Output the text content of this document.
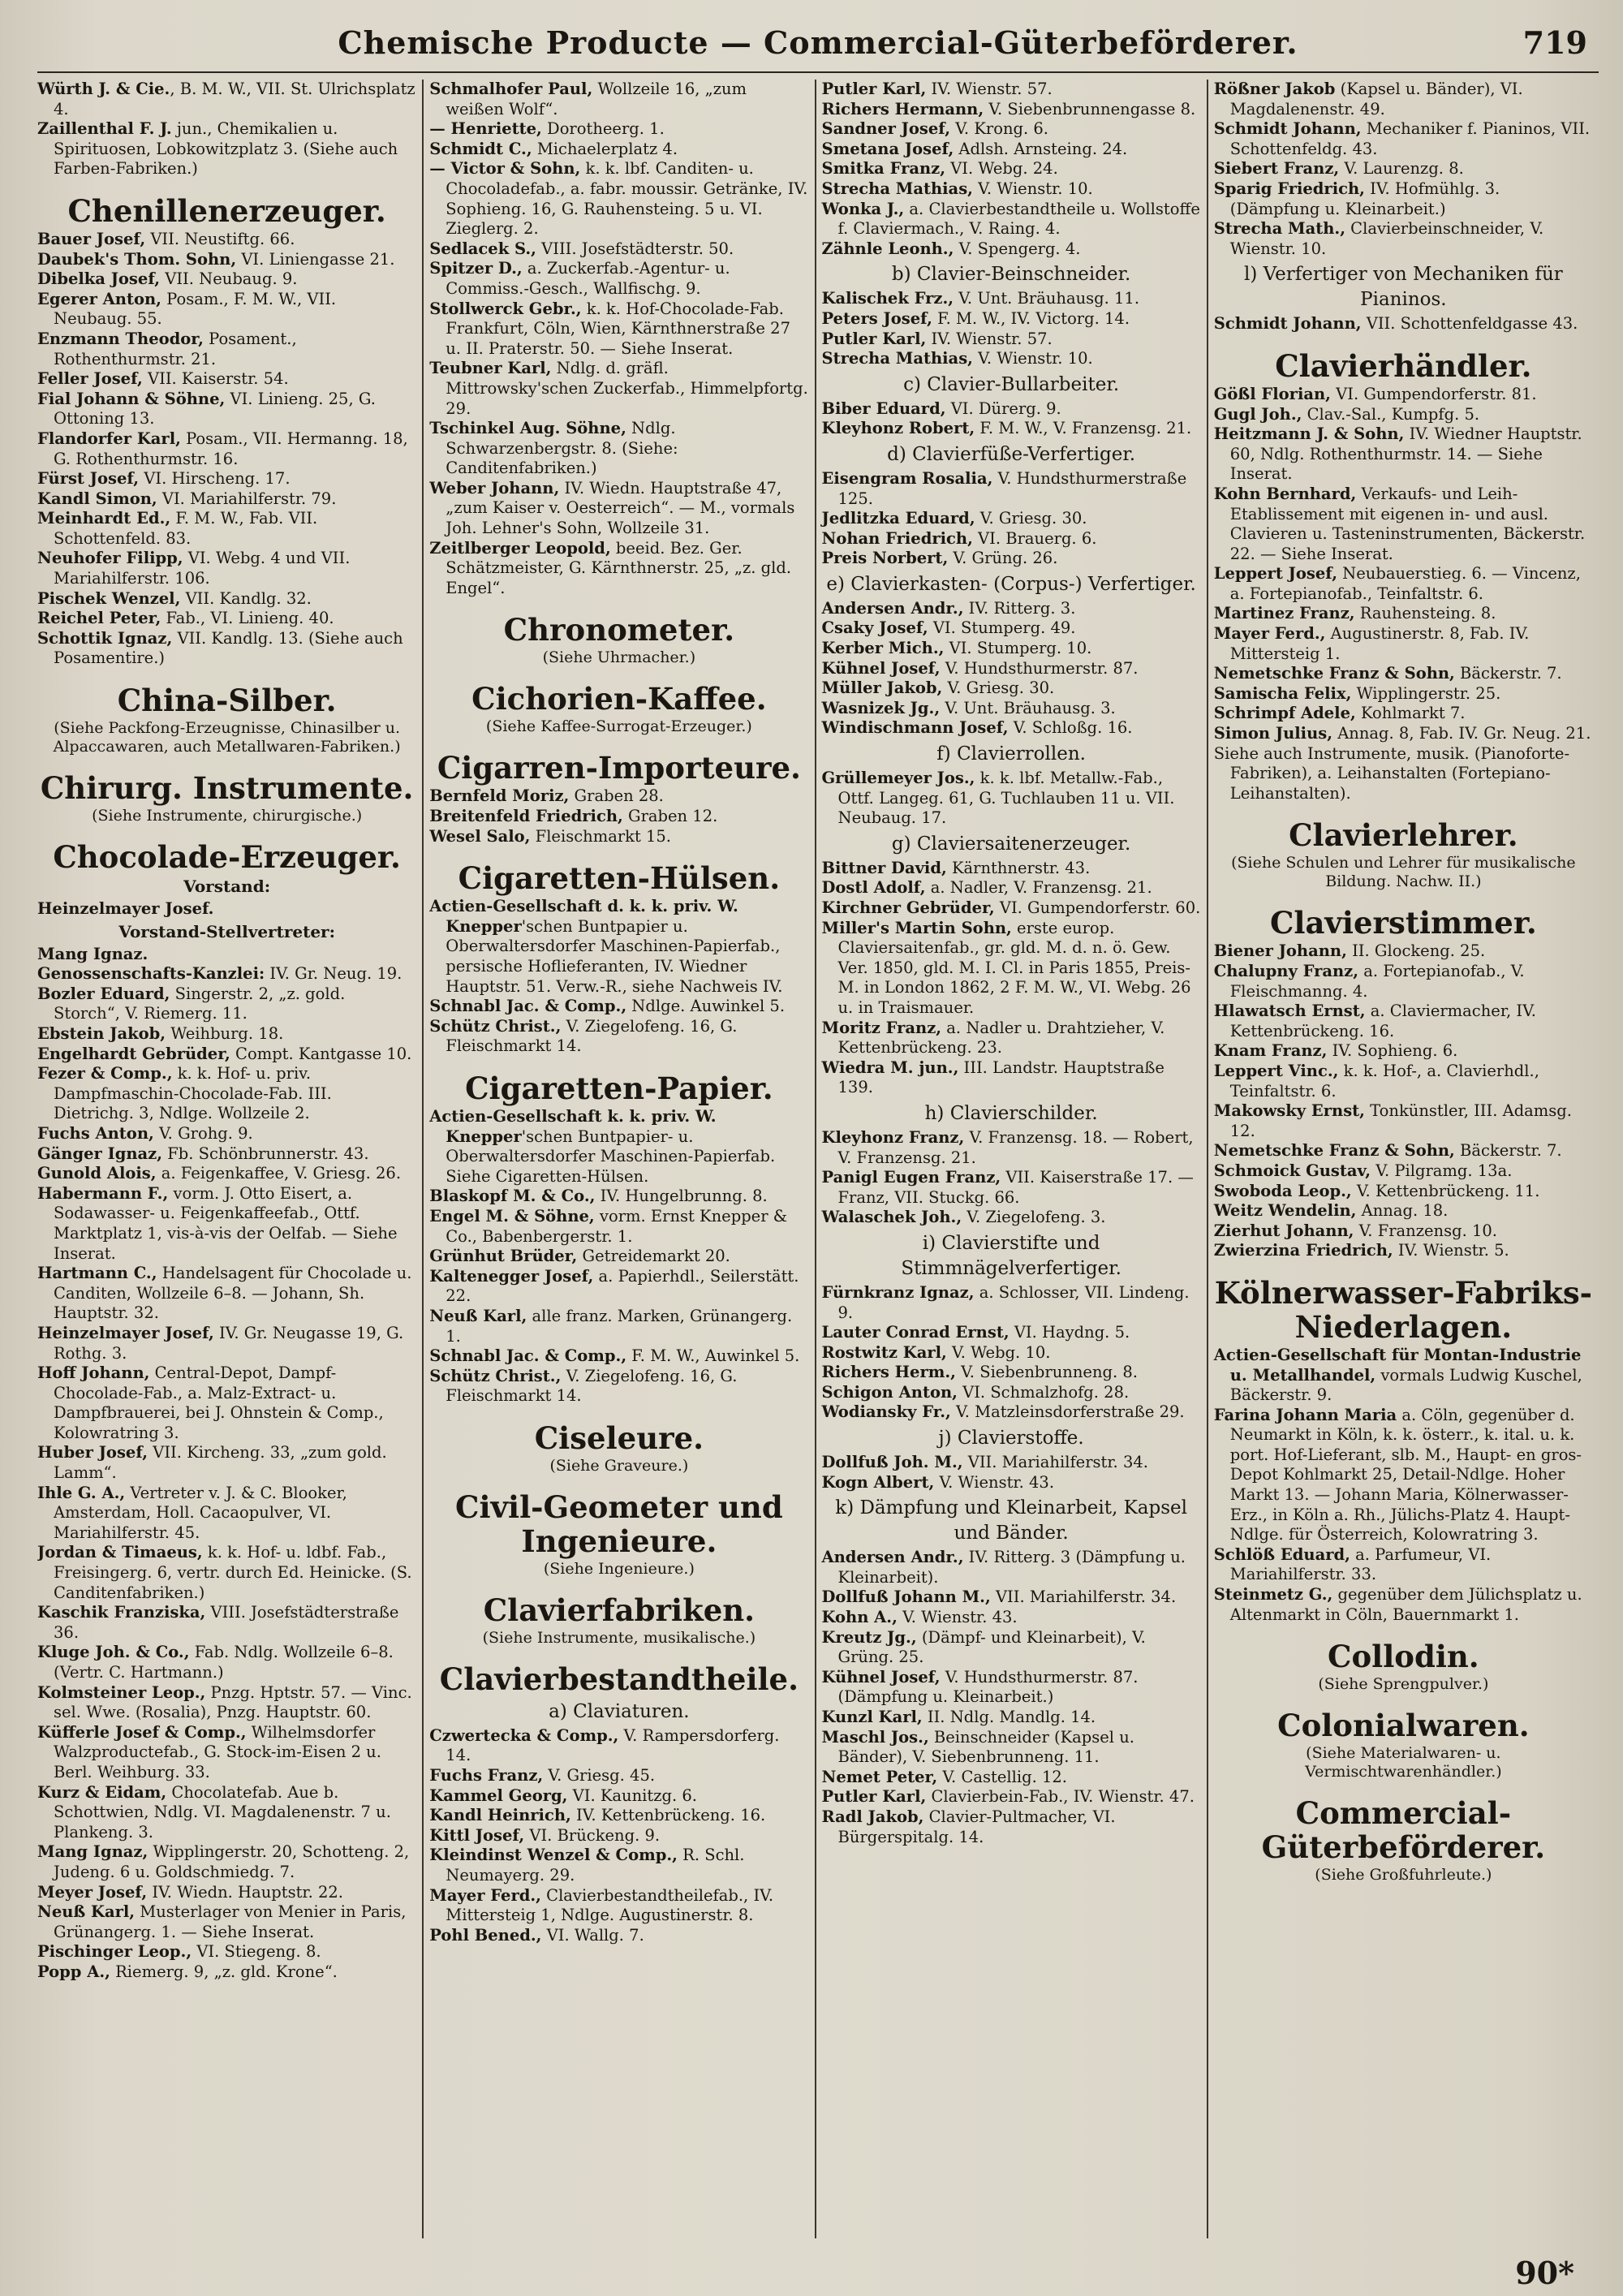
Chemische Producte — Commercial-Güterbeförderer.	719

Würth J. & Cie., B. M. W., VII. St. Ulrichsplatz 4.

Zaillenthal F. J. jun., Chemikalien u. Spirituosen, Lobkowitzplatz 3. (Siehe auch Farben-Fabriken.)

Chenillenerzeuger.

Bauer Josef, VII. Neustiftg. 66.

Daubek's Thom. Sohn, VI. Liniengasse 21.

Dibelka Josef, VII. Neubaug. 9.

Egerer Anton, Posam., F. M. W., VII. Neubaug. 55.

Enzmann Theodor, Posament., Rothenthurmstr. 21.

Feller Josef, VII. Kaiserstr. 54.

Fial Johann & Söhne, VI. Linieng. 25, G. Ottoning 13.

Flandorfer Karl, Posam., VII. Hermanng. 18, G. Rothenthurmstr. 16.

Fürst Josef, VI. Hirscheng. 17.

Kandl Simon, VI. Mariahilferstr. 79.

Meinhardt Ed., F. M. W., Fab. VII. Schottenfeld. 83.

Neuhofer Filipp, VI. Webg. 4 und VII. Mariahilferstr. 106.

Pischek Wenzel, VII. Kandlg. 32.

Reichel Peter, Fab., VI. Linieng. 40.

Schottik Ignaz, VII. Kandlg. 13. (Siehe auch Posamentire.)

China-Silber.

(Siehe Packfong-Erzeugnisse, Chinasilber u. Alpaccawaren, auch Metallwaren-Fabriken.)

Chirurg. Instrumente.

(Siehe Instrumente, chirurgische.)

Chocolade-Erzeuger.

Vorstand:

Heinzelmayer Josef.

Vorstand-Stellvertreter:

Mang Ignaz.

Genossenschafts-Kanzlei: IV. Gr. Neug. 19.

Bozler Eduard, Singerstr. 2, „z. gold. Storch“, V. Riemerg. 11.

Ebstein Jakob, Weihburg. 18.

Engelhardt Gebrüder, Compt. Kantgasse 10.

Fezer & Comp., k. k. Hof- u. priv. Dampfmaschin-Chocolade-Fab. III. Dietrichg. 3, Ndlge. Wollzeile 2.

Fuchs Anton, V. Grohg. 9.

Gänger Ignaz, Fb. Schönbrunnerstr. 43.

Gunold Alois, a. Feigenkaffee, V. Griesg. 26.

Habermann F., vorm. J. Otto Eisert, a. Sodawasser- u. Feigenkaffeefab., Ottf. Marktplatz 1, vis-à-vis der Oelfab. — Siehe Inserat.

Hartmann C., Handelsagent für Chocolade u. Canditen, Wollzeile 6–8. — Johann, Sh. Hauptstr. 32.

Heinzelmayer Josef, IV. Gr. Neugasse 19, G. Rothg. 3.

Hoff Johann, Central-Depot, Dampf-Chocolade-Fab., a. Malz-Extract- u. Dampfbrauerei, bei J. Ohnstein & Comp., Kolowratring 3.

Huber Josef, VII. Kircheng. 33, „zum gold. Lamm“.

Ihle G. A., Vertreter v. J. & C. Blooker, Amsterdam, Holl. Cacaopulver, VI. Mariahilferstr. 45.

Jordan & Timaeus, k. k. Hof- u. ldbf. Fab., Freisingerg. 6, vertr. durch Ed. Heinicke. (S. Canditenfabriken.)

Kaschik Franziska, VIII. Josefstädterstraße 36.

Kluge Joh. & Co., Fab. Ndlg. Wollzeile 6–8. (Vertr. C. Hartmann.)

Kolmsteiner Leop., Pnzg. Hptstr. 57. — Vinc. sel. Wwe. (Rosalia), Pnzg. Hauptstr. 60.

Küfferle Josef & Comp., Wilhelmsdorfer Walzproductefab., G. Stock-im-Eisen 2 u. Berl. Weihburg. 33.

Kurz & Eidam, Chocolatefab. Aue b. Schottwien, Ndlg. VI. Magdalenenstr. 7 u. Plankeng. 3.

Mang Ignaz, Wipplingerstr. 20, Schotteng. 2, Judeng. 6 u. Goldschmiedg. 7.

Meyer Josef, IV. Wiedn. Hauptstr. 22.

Neuß Karl, Musterlager von Menier in Paris, Grünangerg. 1. — Siehe Inserat.

Pischinger Leop., VI. Stiegeng. 8.

Popp A., Riemerg. 9, „z. gld. Krone“.

Schmalhofer Paul, Wollzeile 16, „zum weißen Wolf“.

— Henriette, Dorotheerg. 1.

Schmidt C., Michaelerplatz 4.

— Victor & Sohn, k. k. lbf. Canditen- u. Chocoladefab., a. fabr. moussir. Getränke, IV. Sophieng. 16, G. Rauhensteing. 5 u. VI. Zieglerg. 2.

Sedlacek S., VIII. Josefstädterstr. 50.

Spitzer D., a. Zuckerfab.-Agentur- u. Commiss.-Gesch., Wallfischg. 9.

Stollwerck Gebr., k. k. Hof-Chocolade-Fab. Frankfurt, Cöln, Wien, Kärnthnerstraße 27 u. II. Praterstr. 50. — Siehe Inserat.

Teubner Karl, Ndlg. d. gräfl. Mittrowsky'schen Zuckerfab., Himmelpfortg. 29.

Tschinkel Aug. Söhne, Ndlg. Schwarzenbergstr. 8. (Siehe: Canditenfabriken.)

Weber Johann, IV. Wiedn. Hauptstraße 47, „zum Kaiser v. Oesterreich“. — M., vormals Joh. Lehner's Sohn, Wollzeile 31.

Zeitlberger Leopold, beeid. Bez. Ger. Schätzmeister, G. Kärnthnerstr. 25, „z. gld. Engel“.

Chronometer.

(Siehe Uhrmacher.)

Cichorien-Kaffee.

(Siehe Kaffee-Surrogat-Erzeuger.)

Cigarren-Importeure.

Bernfeld Moriz, Graben 28.

Breitenfeld Friedrich, Graben 12.

Wesel Salo, Fleischmarkt 15.

Cigaretten-Hülsen.

Actien-Gesellschaft d. k. k. priv. W. Knepper'schen Buntpapier u. Oberwaltersdorfer Maschinen-Papierfab., persische Hoflieferanten, IV. Wiedner Hauptstr. 51. Verw.-R., siehe Nachweis IV.

Schnabl Jac. & Comp., Ndlge. Auwinkel 5.

Schütz Christ., V. Ziegelofeng. 16, G. Fleischmarkt 14.

Cigaretten-Papier.

Actien-Gesellschaft k. k. priv. W. Knepper'schen Buntpapier- u. Oberwaltersdorfer Maschinen-Papierfab. Siehe Cigaretten-Hülsen.

Blaskopf M. & Co., IV. Hungelbrunng. 8.

Engel M. & Söhne, vorm. Ernst Knepper & Co., Babenbergerstr. 1.

Grünhut Brüder, Getreidemarkt 20.

Kaltenegger Josef, a. Papierhdl., Seilerstätt. 22.

Neuß Karl, alle franz. Marken, Grünangerg. 1.

Schnabl Jac. & Comp., F. M. W., Auwinkel 5.

Schütz Christ., V. Ziegelofeng. 16, G. Fleischmarkt 14.

Ciseleure.

(Siehe Graveure.)

Civil-Geometer und Ingenieure.

(Siehe Ingenieure.)

Clavierfabriken.

(Siehe Instrumente, musikalische.)

Clavierbestandtheile.

a) Claviaturen.

Czwertecka & Comp., V. Rampersdorferg. 14.

Fuchs Franz, V. Griesg. 45.

Kammel Georg, VI. Kaunitzg. 6.

Kandl Heinrich, IV. Kettenbrückeng. 16.

Kittl Josef, VI. Brückeng. 9.

Kleindinst Wenzel & Comp., R. Schl. Neumayerg. 29.

Mayer Ferd., Clavierbestandtheilefab., IV. Mittersteig 1, Ndlge. Augustinerstr. 8.

Pohl Bened., VI. Wallg. 7.

Putler Karl, IV. Wienstr. 57.

Richers Hermann, V. Siebenbrunnengasse 8.

Sandner Josef, V. Krong. 6.

Smetana Josef, Adlsh. Arnsteing. 24.

Smitka Franz, VI. Webg. 24.

Strecha Mathias, V. Wienstr. 10.

Wonka J., a. Clavierbestandtheile u. Wollstoffe f. Claviermach., V. Raing. 4.

Zähnle Leonh., V. Spengerg. 4.

b) Clavier-Beinschneider.

Kalischek Frz., V. Unt. Bräuhausg. 11.

Peters Josef, F. M. W., IV. Victorg. 14.

Putler Karl, IV. Wienstr. 57.

Strecha Mathias, V. Wienstr. 10.

c) Clavier-Bullarbeiter.

Biber Eduard, VI. Dürerg. 9.

Kleyhonz Robert, F. M. W., V. Franzensg. 21.

d) Clavierfüße-Verfertiger.

Eisengram Rosalia, V. Hundsthurmerstraße 125.

Jedlitzka Eduard, V. Griesg. 30.

Nohan Friedrich, VI. Brauerg. 6.

Preis Norbert, V. Grüng. 26.

e) Clavierkasten- (Corpus-) Verfertiger.

Andersen Andr., IV. Ritterg. 3.

Csaky Josef, VI. Stumperg. 49.

Kerber Mich., VI. Stumperg. 10.

Kühnel Josef, V. Hundsthurmerstr. 87.

Müller Jakob, V. Griesg. 30.

Wasnizek Jg., V. Unt. Bräuhausg. 3.

Windischmann Josef, V. Schloßg. 16.

f) Clavierrollen.

Grüllemeyer Jos., k. k. lbf. Metallw.-Fab., Ottf. Langeg. 61, G. Tuchlauben 11 u. VII. Neubaug. 17.

g) Claviersaitenerzeuger.

Bittner David, Kärnthnerstr. 43.

Dostl Adolf, a. Nadler, V. Franzensg. 21.

Kirchner Gebrüder, VI. Gumpendorferstr. 60.

Miller's Martin Sohn, erste europ. Claviersaitenfab., gr. gld. M. d. n. ö. Gew. Ver. 1850, gld. M. I. Cl. in Paris 1855, Preis-M. in London 1862, 2 F. M. W., VI. Webg. 26 u. in Traismauer.

Moritz Franz, a. Nadler u. Drahtzieher, V. Kettenbrückeng. 23.

Wiedra M. jun., III. Landstr. Hauptstraße 139.

h) Clavierschilder.

Kleyhonz Franz, V. Franzensg. 18. — Robert, V. Franzensg. 21.

Panigl Eugen Franz, VII. Kaiserstraße 17. — Franz, VII. Stuckg. 66.

Walaschek Joh., V. Ziegelofeng. 3.

i) Clavierstifte und Stimmnägelverfertiger.

Fürnkranz Ignaz, a. Schlosser, VII. Lindeng. 9.

Lauter Conrad Ernst, VI. Haydng. 5.

Rostwitz Karl, V. Webg. 10.

Richers Herm., V. Siebenbrunneng. 8.

Schigon Anton, VI. Schmalzhofg. 28.

Wodiansky Fr., V. Matzleinsdorferstraße 29.

j) Clavierstoffe.

Dollfuß Joh. M., VII. Mariahilferstr. 34.

Kogn Albert, V. Wienstr. 43.

k) Dämpfung und Kleinarbeit, Kapsel und Bänder.

Andersen Andr., IV. Ritterg. 3 (Dämpfung u. Kleinarbeit).

Dollfuß Johann M., VII. Mariahilferstr. 34.

Kohn A., V. Wienstr. 43.

Kreutz Jg., (Dämpf- und Kleinarbeit), V. Grüng. 25.

Kühnel Josef, V. Hundsthurmerstr. 87. (Dämpfung u. Kleinarbeit.)

Kunzl Karl, II. Ndlg. Mandlg. 14.

Maschl Jos., Beinschneider (Kapsel u. Bänder), V. Siebenbrunneng. 11.

Nemet Peter, V. Castellig. 12.

Putler Karl, Clavierbein-Fab., IV. Wienstr. 47.

Radl Jakob, Clavier-Pultmacher, VI. Bürgerspitalg. 14.

Rößner Jakob (Kapsel u. Bänder), VI. Magdalenenstr. 49.

Schmidt Johann, Mechaniker f. Pianinos, VII. Schottenfeldg. 43.

Siebert Franz, V. Laurenzg. 8.

Sparig Friedrich, IV. Hofmühlg. 3. (Dämpfung u. Kleinarbeit.)

Strecha Math., Clavierbeinschneider, V. Wienstr. 10.

l) Verfertiger von Mechaniken für Pianinos.

Schmidt Johann, VII. Schottenfeldgasse 43.

Clavierhändler.

Gößl Florian, VI. Gumpendorferstr. 81.

Gugl Joh., Clav.-Sal., Kumpfg. 5.

Heitzmann J. & Sohn, IV. Wiedner Hauptstr. 60, Ndlg. Rothenthurmstr. 14. — Siehe Inserat.

Kohn Bernhard, Verkaufs- und Leih-Etablissement mit eigenen in- und ausl. Clavieren u. Tasteninstrumenten, Bäckerstr. 22. — Siehe Inserat.

Leppert Josef, Neubauerstieg. 6. — Vincenz, a. Fortepianofab., Teinfaltstr. 6.

Martinez Franz, Rauhensteing. 8.

Mayer Ferd., Augustinerstr. 8, Fab. IV. Mittersteig 1.

Nemetschke Franz & Sohn, Bäckerstr. 7.

Samischa Felix, Wipplingerstr. 25.

Schrimpf Adele, Kohlmarkt 7.

Simon Julius, Annag. 8, Fab. IV. Gr. Neug. 21.

Siehe auch Instrumente, musik. (Pianoforte-Fabriken), a. Leihanstalten (Fortepiano-Leihanstalten).

Clavierlehrer.

(Siehe Schulen und Lehrer für musikalische Bildung. Nachw. II.)

Clavierstimmer.

Biener Johann, II. Glockeng. 25.

Chalupny Franz, a. Fortepianofab., V. Fleischmanng. 4.

Hlawatsch Ernst, a. Claviermacher, IV. Kettenbrückeng. 16.

Knam Franz, IV. Sophieng. 6.

Leppert Vinc., k. k. Hof-, a. Clavierhdl., Teinfaltstr. 6.

Makowsky Ernst, Tonkünstler, III. Adamsg. 12.

Nemetschke Franz & Sohn, Bäckerstr. 7.

Schmoick Gustav, V. Pilgramg. 13a.

Swoboda Leop., V. Kettenbrückeng. 11.

Weitz Wendelin, Annag. 18.

Zierhut Johann, V. Franzensg. 10.

Zwierzina Friedrich, IV. Wienstr. 5.

Kölnerwasser-Fabriks-Niederlagen.

Actien-Gesellschaft für Montan-Industrie u. Metallhandel, vormals Ludwig Kuschel, Bäckerstr. 9.

Farina Johann Maria a. Cöln, gegenüber d. Neumarkt in Köln, k. k. österr., k. ital. u. k. port. Hof-Lieferant, slb. M., Haupt- en gros-Depot Kohlmarkt 25, Detail-Ndlge. Hoher Markt 13. — Johann Maria, Kölnerwasser-Erz., in Köln a. Rh., Jülichs-Platz 4. Haupt-Ndlge. für Österreich, Kolowratring 3.

Schlöß Eduard, a. Parfumeur, VI. Mariahilferstr. 33.

Steinmetz G., gegenüber dem Jülichsplatz u. Altenmarkt in Cöln, Bauernmarkt 1.

Collodin.

(Siehe Sprengpulver.)

Colonialwaren.

(Siehe Materialwaren- u. Vermischtwarenhändler.)

Commercial-Güterbeförderer.

(Siehe Großfuhrleute.)

90*
